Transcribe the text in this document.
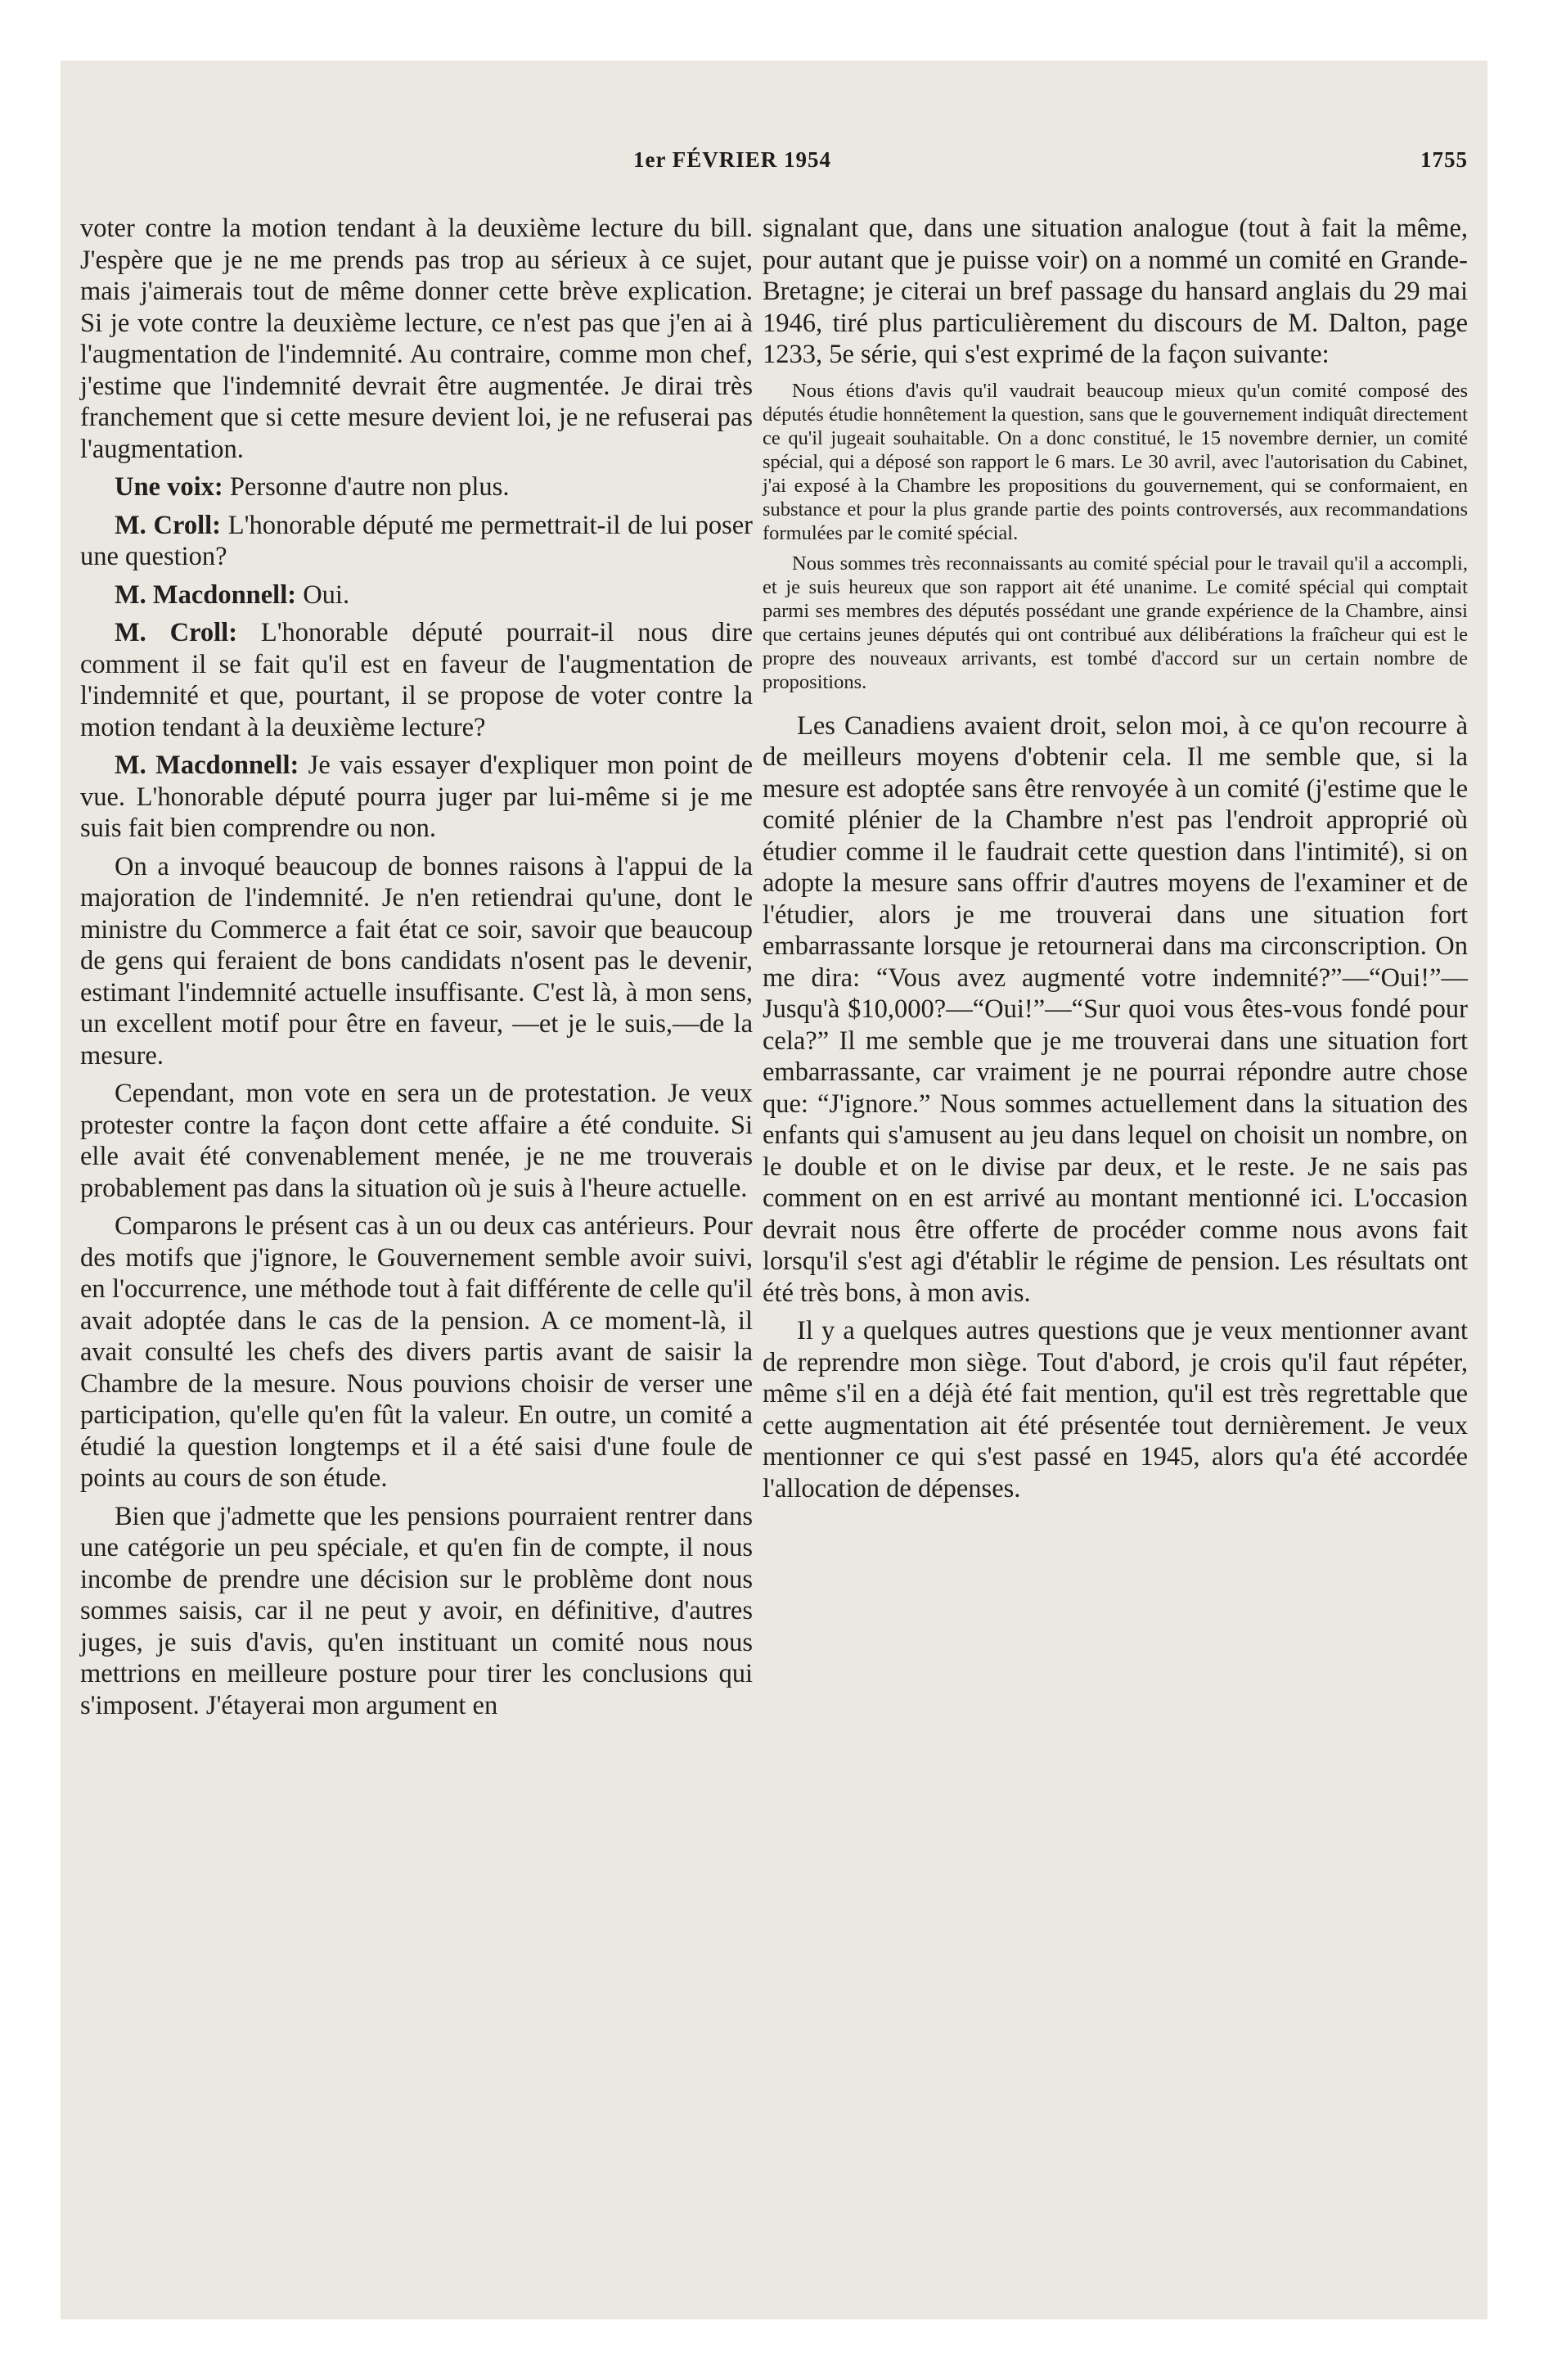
1er FÉVRIER 1954	1755

voter contre la motion tendant à la deuxième lecture du bill. J'espère que je ne me prends pas trop au sérieux à ce sujet, mais j'aimerais tout de même donner cette brève explication. Si je vote contre la deuxième lecture, ce n'est pas que j'en ai à l'augmentation de l'indemnité. Au contraire, comme mon chef, j'estime que l'indemnité devrait être augmentée. Je dirai très franchement que si cette mesure devient loi, je ne refuserai pas l'augmentation.

Une voix: Personne d'autre non plus.

M. Croll: L'honorable député me permettrait-il de lui poser une question?

M. Macdonnell: Oui.

M. Croll: L'honorable député pourrait-il nous dire comment il se fait qu'il est en faveur de l'augmentation de l'indemnité et que, pourtant, il se propose de voter contre la motion tendant à la deuxième lecture?

M. Macdonnell: Je vais essayer d'expliquer mon point de vue. L'honorable député pourra juger par lui-même si je me suis fait bien comprendre ou non.

On a invoqué beaucoup de bonnes raisons à l'appui de la majoration de l'indemnité. Je n'en retiendrai qu'une, dont le ministre du Commerce a fait état ce soir, savoir que beaucoup de gens qui feraient de bons candidats n'osent pas le devenir, estimant l'indemnité actuelle insuffisante. C'est là, à mon sens, un excellent motif pour être en faveur, —et je le suis,—de la mesure.

Cependant, mon vote en sera un de protestation. Je veux protester contre la façon dont cette affaire a été conduite. Si elle avait été convenablement menée, je ne me trouverais probablement pas dans la situation où je suis à l'heure actuelle.

Comparons le présent cas à un ou deux cas antérieurs. Pour des motifs que j'ignore, le Gouvernement semble avoir suivi, en l'occurrence, une méthode tout à fait différente de celle qu'il avait adoptée dans le cas de la pension. A ce moment-là, il avait consulté les chefs des divers partis avant de saisir la Chambre de la mesure. Nous pouvions choisir de verser une participation, qu'elle qu'en fût la valeur. En outre, un comité a étudié la question longtemps et il a été saisi d'une foule de points au cours de son étude.

Bien que j'admette que les pensions pourraient rentrer dans une catégorie un peu spéciale, et qu'en fin de compte, il nous incombe de prendre une décision sur le problème dont nous sommes saisis, car il ne peut y avoir, en définitive, d'autres juges, je suis d'avis, qu'en instituant un comité nous nous mettrions en meilleure posture pour tirer les conclusions qui s'imposent. J'étayerai mon argument en

signalant que, dans une situation analogue (tout à fait la même, pour autant que je puisse voir) on a nommé un comité en Grande-Bretagne; je citerai un bref passage du hansard anglais du 29 mai 1946, tiré plus particulièrement du discours de M. Dalton, page 1233, 5e série, qui s'est exprimé de la façon suivante:

Nous étions d'avis qu'il vaudrait beaucoup mieux qu'un comité composé des députés étudie honnêtement la question, sans que le gouvernement indiquât directement ce qu'il jugeait souhaitable. On a donc constitué, le 15 novembre dernier, un comité spécial, qui a déposé son rapport le 6 mars. Le 30 avril, avec l'autorisation du Cabinet, j'ai exposé à la Chambre les propositions du gouvernement, qui se conformaient, en substance et pour la plus grande partie des points controversés, aux recommandations formulées par le comité spécial.

Nous sommes très reconnaissants au comité spécial pour le travail qu'il a accompli, et je suis heureux que son rapport ait été unanime. Le comité spécial qui comptait parmi ses membres des députés possédant une grande expérience de la Chambre, ainsi que certains jeunes députés qui ont contribué aux délibérations la fraîcheur qui est le propre des nouveaux arrivants, est tombé d'accord sur un certain nombre de propositions.

Les Canadiens avaient droit, selon moi, à ce qu'on recourre à de meilleurs moyens d'obtenir cela. Il me semble que, si la mesure est adoptée sans être renvoyée à un comité (j'estime que le comité plénier de la Chambre n'est pas l'endroit approprié où étudier comme il le faudrait cette question dans l'intimité), si on adopte la mesure sans offrir d'autres moyens de l'examiner et de l'étudier, alors je me trouverai dans une situation fort embarrassante lorsque je retournerai dans ma circonscription. On me dira: “Vous avez augmenté votre indemnité?”—“Oui!”—Jusqu'à $10,000?—“Oui!”—“Sur quoi vous êtes-vous fondé pour cela?” Il me semble que je me trouverai dans une situation fort embarrassante, car vraiment je ne pourrai répondre autre chose que: “J'ignore.” Nous sommes actuellement dans la situation des enfants qui s'amusent au jeu dans lequel on choisit un nombre, on le double et on le divise par deux, et le reste. Je ne sais pas comment on en est arrivé au montant mentionné ici. L'occasion devrait nous être offerte de procéder comme nous avons fait lorsqu'il s'est agi d'établir le régime de pension. Les résultats ont été très bons, à mon avis.

Il y a quelques autres questions que je veux mentionner avant de reprendre mon siège. Tout d'abord, je crois qu'il faut répéter, même s'il en a déjà été fait mention, qu'il est très regrettable que cette augmentation ait été présentée tout dernièrement. Je veux mentionner ce qui s'est passé en 1945, alors qu'a été accordée l'allocation de dépenses.
